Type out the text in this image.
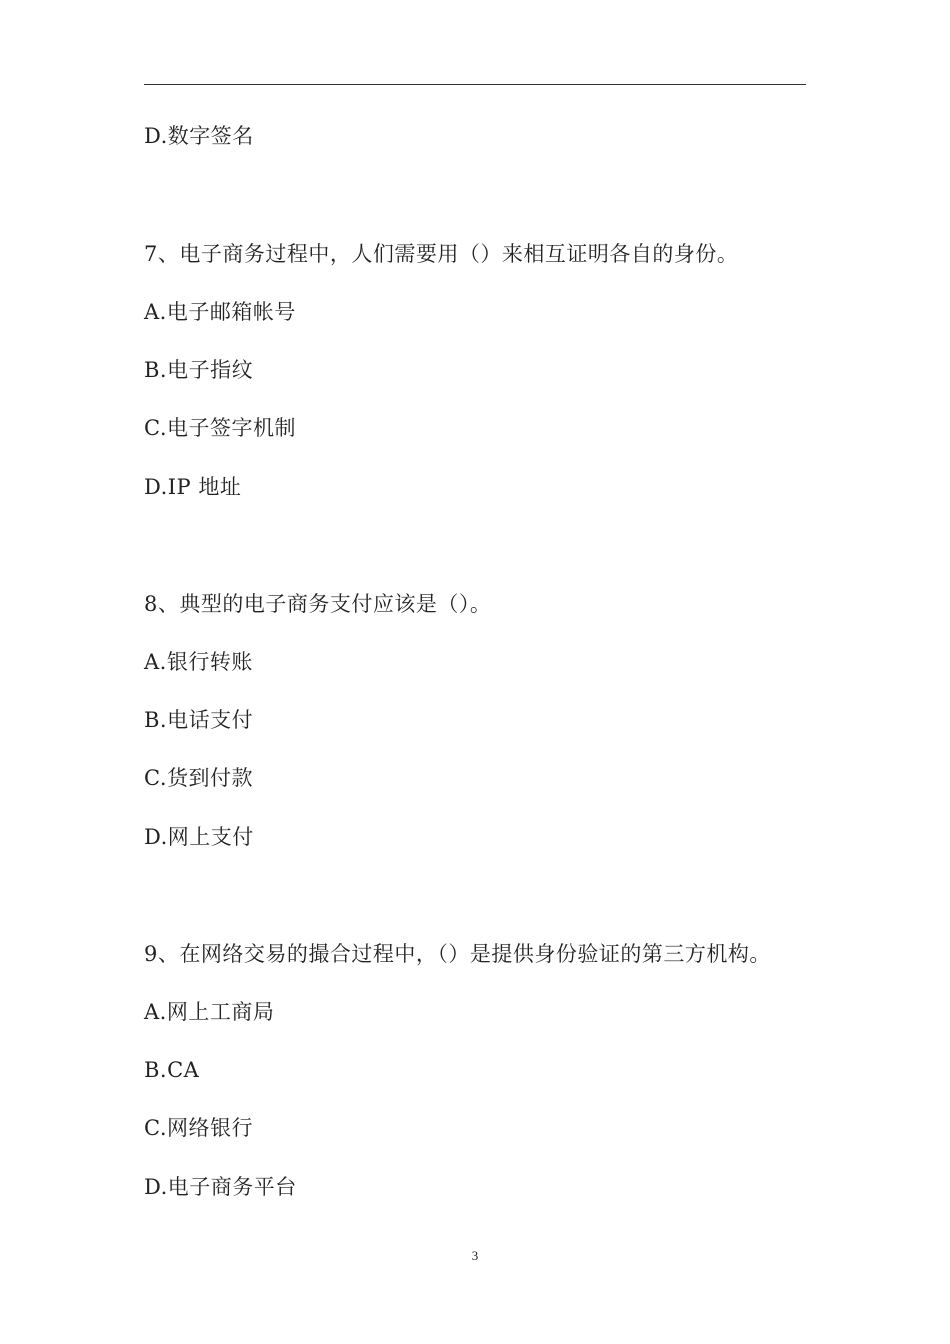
D.数字签名
7、电子商务过程中，人们需要用（）来相互证明各自的身份。
A.电子邮箱帐号
B.电子指纹
C.电子签字机制
D.IP 地址
8、典型的电子商务支付应该是（）。
A.银行转账
B.电话支付
C.货到付款
D.网上支付
9、在网络交易的撮合过程中，（）是提供身份验证的第三方机构。
A.网上工商局
B.CA
C.网络银行
D.电子商务平台
3
